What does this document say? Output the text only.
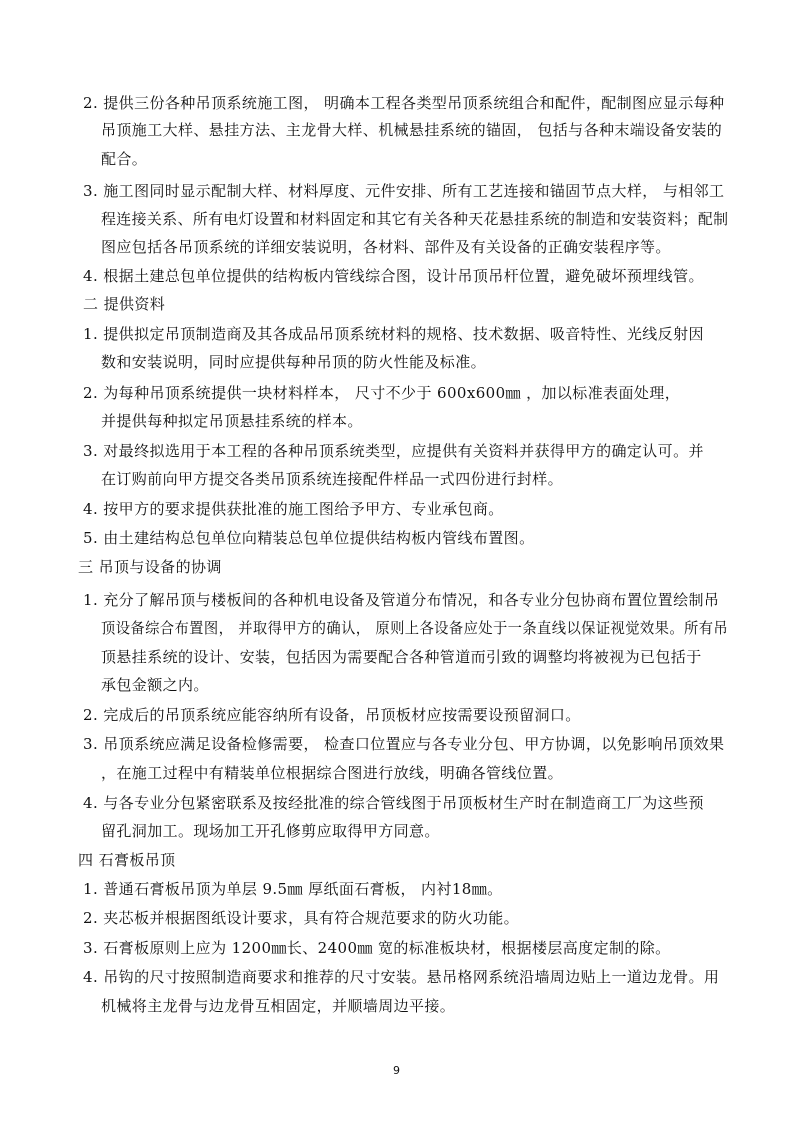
2. 提供三份各种吊顶系统施工图， 明确本工程各类型吊顶系统组合和配件，配制图应显示每种
吊顶施工大样、悬挂方法、主龙骨大样、机械悬挂系统的锚固， 包括与各种末端设备安装的
配合。
3. 施工图同时显示配制大样、材料厚度、元件安排、所有工艺连接和锚固节点大样， 与相邻工
程连接关系、所有电灯设置和材料固定和其它有关各种天花悬挂系统的制造和安装资料；配制
图应包括各吊顶系统的详细安装说明，各材料、部件及有关设备的正确安装程序等。
4. 根据土建总包单位提供的结构板内管线综合图，设计吊顶吊杆位置，避免破坏预埋线管。
二 提供资料
1. 提供拟定吊顶制造商及其各成品吊顶系统材料的规格、技术数据、吸音特性、光线反射因
数和安装说明，同时应提供每种吊顶的防火性能及标准。
2. 为每种吊顶系统提供一块材料样本， 尺寸不少于 600x600㎜ ，加以标准表面处理，
并提供每种拟定吊顶悬挂系统的样本。
3. 对最终拟选用于本工程的各种吊顶系统类型，应提供有关资料并获得甲方的确定认可。并
在订购前向甲方提交各类吊顶系统连接配件样品一式四份进行封样。
4. 按甲方的要求提供获批准的施工图给予甲方、专业承包商。
5. 由土建结构总包单位向精装总包单位提供结构板内管线布置图。
三 吊顶与设备的协调
1. 充分了解吊顶与楼板间的各种机电设备及管道分布情况，和各专业分包协商布置位置绘制吊
顶设备综合布置图， 并取得甲方的确认， 原则上各设备应处于一条直线以保证视觉效果。所有吊
顶悬挂系统的设计、安装，包括因为需要配合各种管道而引致的调整均将被视为已包括于
承包金额之内。
2. 完成后的吊顶系统应能容纳所有设备，吊顶板材应按需要设预留洞口。
3. 吊顶系统应满足设备检修需要， 检查口位置应与各专业分包、甲方协调，以免影响吊顶效果
，在施工过程中有精装单位根据综合图进行放线，明确各管线位置。
4. 与各专业分包紧密联系及按经批准的综合管线图于吊顶板材生产时在制造商工厂为这些预
留孔洞加工。现场加工开孔修剪应取得甲方同意。
四 石膏板吊顶
1. 普通石膏板吊顶为单层 9.5㎜ 厚纸面石膏板， 内衬18㎜。
2. 夹芯板并根据图纸设计要求，具有符合规范要求的防火功能。
3. 石膏板原则上应为 1200㎜长、2400㎜ 宽的标准板块材，根据楼层高度定制的除。
4. 吊钩的尺寸按照制造商要求和推荐的尺寸安装。悬吊格网系统沿墙周边贴上一道边龙骨。用
机械将主龙骨与边龙骨互相固定，并顺墙周边平接。
9
